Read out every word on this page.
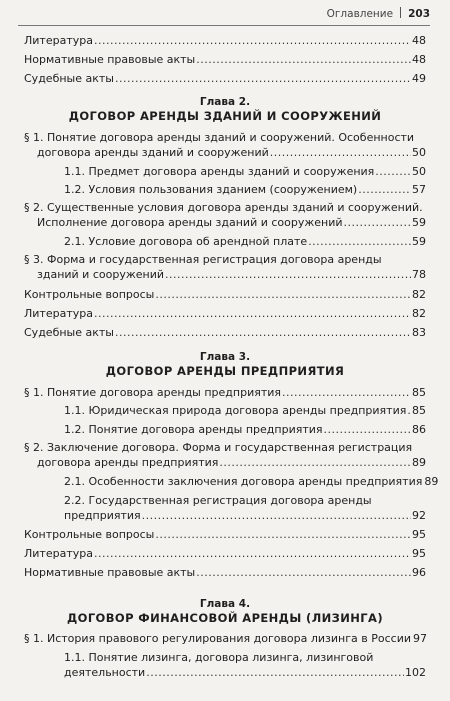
Оглавление 203
Литература .....	48
Нормативные правовые акты .....	48
Судебные акты .....	49
Глава 2.
ДОГОВОР АРЕНДЫ ЗДАНИЙ И СООРУЖЕНИЙ
§ 1. Понятие договора аренды зданий и сооружений. Особенности
договора аренды зданий и сооружений .....	50
1.1. Предмет договора аренды зданий и сооружения .....	50
1.2. Условия пользования зданием (сооружением) .....	57
§ 2. Существенные условия договора аренды зданий и сооружений.
Исполнение договора аренды зданий и сооружений .....	59
2.1. Условие договора об арендной плате .....	59
§ 3. Форма и государственная регистрация договора аренды
зданий и сооружений .....	78
Контрольные вопросы .....	82
Литература .....	82
Судебные акты .....	83
Глава 3.
ДОГОВОР АРЕНДЫ ПРЕДПРИЯТИЯ
§ 1. Понятие договора аренды предприятия .....	85
1.1. Юридическая природа договора аренды предприятия ..... 85
1.2. Понятие договора аренды предприятия .....	86
§ 2. Заключение договора. Форма и государственная регистрация
договора аренды предприятия .....	89
2.1. Особенности заключения договора аренды предприятия 89
2.2. Государственная регистрация договора аренды
предприятия .....	92
Контрольные вопросы .....	95
Литература .....	95
Нормативные правовые акты .....	96
Глава 4.
ДОГОВОР ФИНАНСОВОЙ АРЕНДЫ (ЛИЗИНГА)
§ 1. История правового регулирования договора лизинга в России 97
1.1. Понятие лизинга, договора лизинга, лизинговой
деятельности .....	102
